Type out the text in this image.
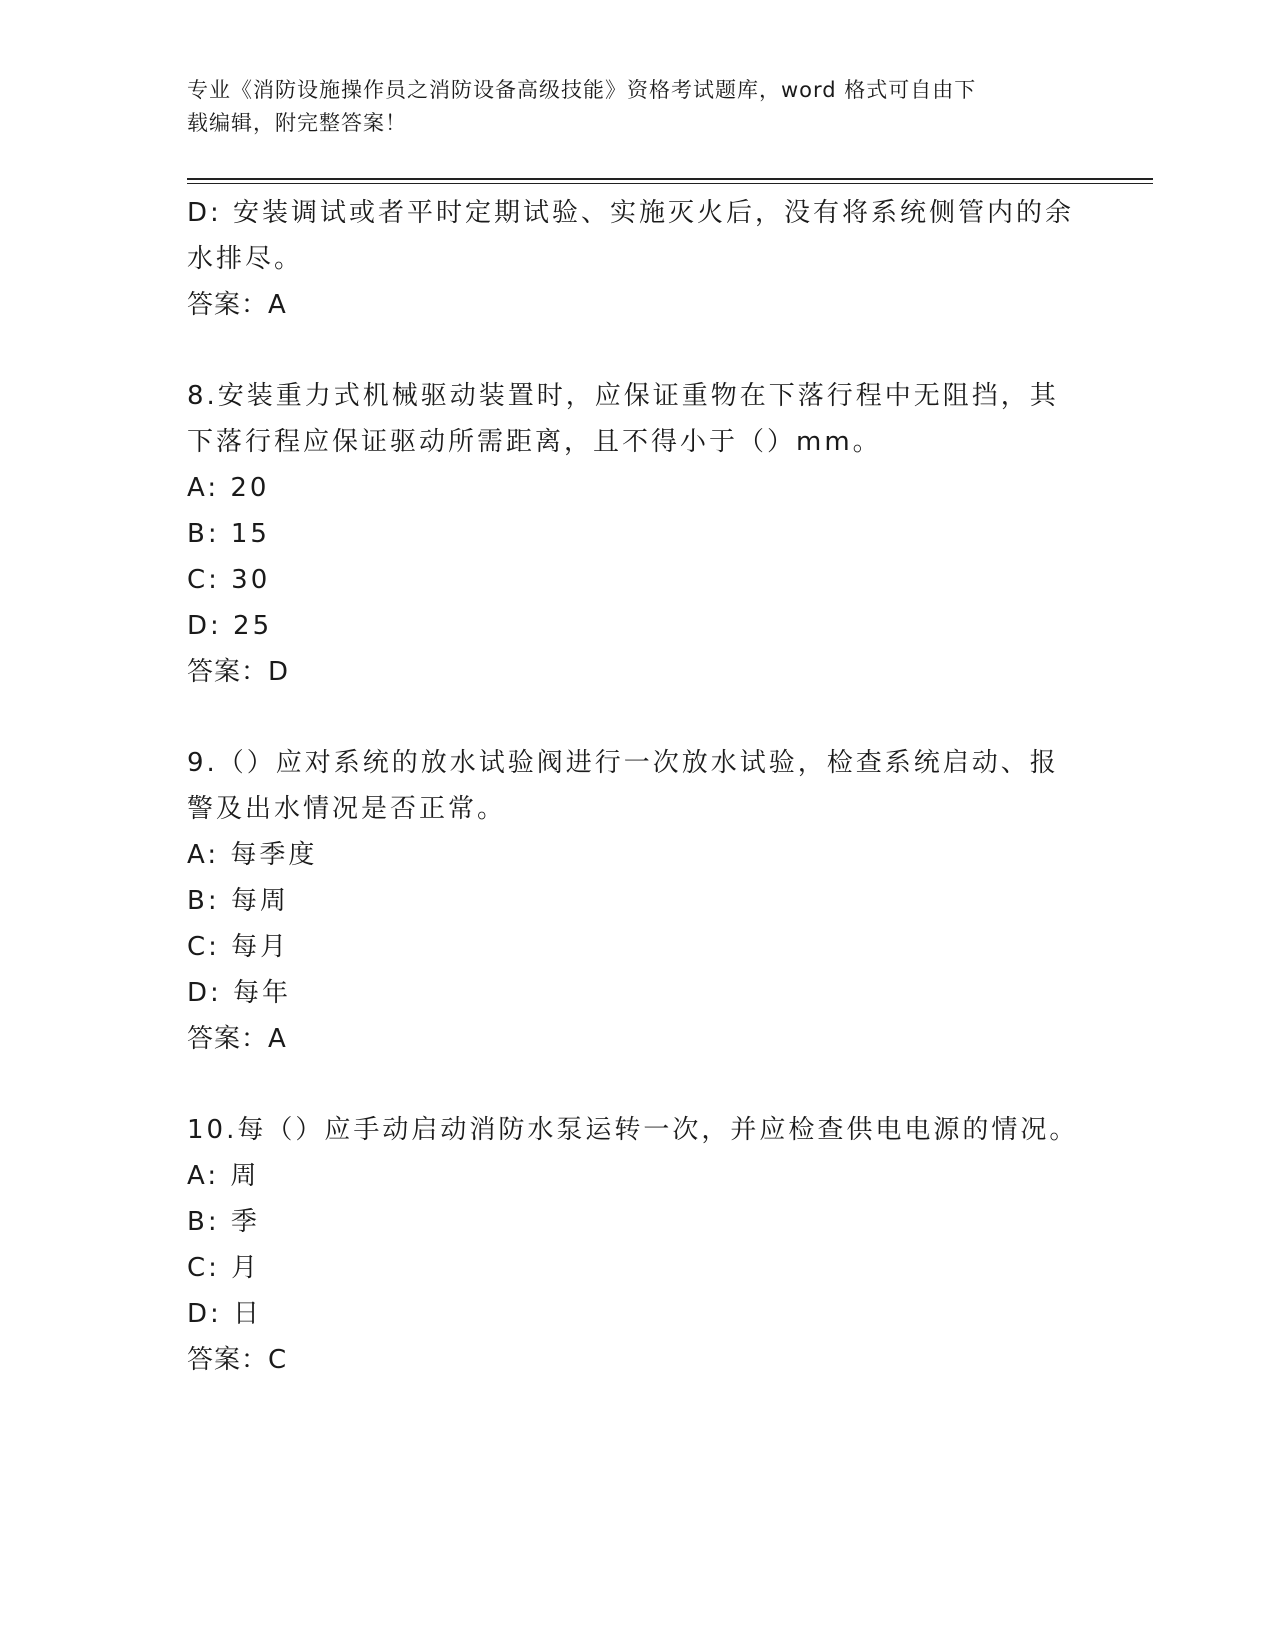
专业《消防设施操作员之消防设备高级技能》资格考试题库，word 格式可自由下
载编辑，附完整答案！
D: 安装调试或者平时定期试验、实施灭火后，没有将系统侧管内的余
水排尽。
答案：A
8.安装重力式机械驱动装置时，应保证重物在下落行程中无阻挡，其
下落行程应保证驱动所需距离，且不得小于（）mm。
A: 20
B: 15
C: 30
D: 25
答案：D
9.（）应对系统的放水试验阀进行一次放水试验，检查系统启动、报
警及出水情况是否正常。
A: 每季度
B: 每周
C: 每月
D: 每年
答案：A
10.每（）应手动启动消防水泵运转一次，并应检查供电电源的情况。
A: 周
B: 季
C: 月
D: 日
答案：C
